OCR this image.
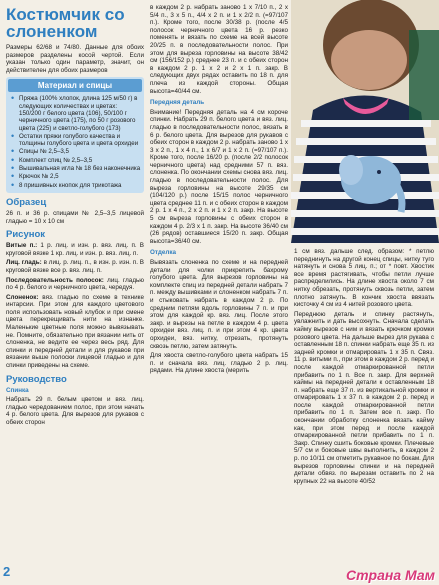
Костюмчик со слоненком
Размеры 62/68 и 74/80. Данные для обоих размеров разделены косой чертой. Если указан только один параметр, значит, он действителен для обоих размеров
Материал и спицы
• Пряжа (100% хлопок, длина 125 м/50 г) в следующих количествах и цветах: 150/200 г белого цвета (106), 50/100 г черничного цвета (175), по 50 г розового цвета (225) и светло-голубого (173)
• Остатки пряжи голубого качества и толщины голубого цвета и цвета орхидеи
• Спицы № 2,5–3,5
• Комплект спиц № 2,5–3,5
• Вышивальная игла № 18 без наконечника
• Крючок № 2,5
• 8 пришивных кнопок для трикотажа
Образец
26 п. и 36 р. спицами № 2,5–3,5 лицевой гладью = 10 x 10 см
Рисунок
Витые п.: 1 р. лиц. и изн. р. вяз. лиц. п. В круговой вязке 1 кр. лиц. и изн. р. вяз. лиц. п.
Лиц. гладь: в лиц. р. лиц. п., в изн. р. изн. п. В круговой вязке все р. вяз. лиц. п.
Последовательность полосок: лиц. гладью по 4 р. белого и черничного цвета, чередуя.
Слоненок: вяз. гладью по схеме в технике интарсии. При этом для каждого цветового поля использовать новый клубок и при смене цвета перекрещивать нити на изнанке. Маленькие цветные поля можно вывязывать не. Помните, обязательно при вязании нить от слоненка, не ведите ее через весь ряд. Для спинки и передней детали и для рукавов при вязании выше полоски лицевой гладью и для спинки приведены на схеме.
Руководство
Спинка
Набрать 29 п. белым цветом и вяз. лиц. гладью чередованием полос, при этом начать 4 р. белого цвета. Для вырезов для рукавов с обеих сторон
в каждом 2 р. набрать заново 1 x 7/10 п., 2 x 5/4 п., 3 x 5 п., 4/4 x 2 п. и 1 x 2/2 п. (=97/107 п.). Кроме того, после 30/38 р. (после 4/5 полосок черничного цвета 16 р. резко поменять и вязать по схеме на всей высоте 20/25 п. в последовательности полос. При этом для выреза горловины на высоте 38/42 см (156/152 р.) среднее 23 п. и с обеих сторон в каждом 2 р. 1 x 2 и 2 x 1 п. закр. В следующих двух рядах оставить по 18 п. для плеча из каждой стороны. Общая высота=40/44 см.
Передняя деталь
Внимание! Передняя деталь на 4 см короче спинки. Набрать 29 п. белого цвета и вяз. лиц. гладью в последовательности полос, вязать в 6 р. белого цвета. Для вырезов для рукавов с обеих сторон в каждом 2 р. набрать заново 1 x 3 x 2 п., 1 x 4 п., 1 x 6/7 и 1 x 2 п. (=97/107 п.). Кроме того, после 16/20 р. (после 2/2 полосок черничного цвета) над средними 57 п. вяз. слоненка. По окончании схемы снова вяз. лиц. гладью в последовательности полос. Для выреза горловины на высоте 29/35 см (104/120 р.) после 15/15 полос черничного цвета среднее 11 п. и с обеих сторон в каждом 2 р. 1 x 4 п., 2 x 2 п. и 1 x 2 п. закр. На высоте 5 см выреза горловины с обеих сторон в каждом 4 р. 2/3 x 1 п. закр. На высоте 36/40 см (26 рядов) оставшиеся 15/20 п. закр. Общая высота=36/40 см.
Отделка
Вывязать слоненка по схеме и на передней детали для чолки прикрепить бахрому голубого цвета. Для вырезов горловины на комплекте спиц из передней детали набрать 7 п. между вышивками и слоненком набрать 7 п. и стыковать набрать в каждом 2 р. По средним петлям вдоль горловины 7 п. и при этом для каждой кр. вяз. лиц. После этого закр. и вырезы на петле в каждом 4 р. цвета орхидеи вяз. лиц. п. и при этом 4 кр. цвета орхидеи, вяз. нитку, отрезать, протянуть сквозь петлю, затем затянуть.
Для хвоста светло-голубого цвета набрать 15 п. и сначала вяз. лиц. гладью 2 р. лиц. рядами. На длине хвоста (мерить
1 см вяз. дальше след. образом: * петлю переднинуть на другой конец спицы, нитку туго натянуть и снова 5 лиц. п.; от * повт. Хвостик все время растягивать, чтобы петли лучше распределились. На длине хвоста около 7 см нитку обрезать, протянуть сквозь петли, затем плотно затянуть. В кончик хвоста ввязать кисточку 4 см из 4 нитей розового цвета.
Переднюю деталь и спинку растянуть, увлажнить и дать высохнуть. Сначала сделать кайму вырезов с ним и вязать крючком кромки розового цвета. На дальше вырез для рукава с оставленным 18 п. спинки набрать еще 35 п. из задней кромки и отмарировать 1 x 35 п. Связ. 11 р. витыми п., при этом в каждом 2 р. перед и после каждой отмаркированной петли прибавить по 1 п. Все п. закр. Для верхней каймы на передней детали к оставленным 18 п. набрать еще 37 п. из вертикальной кромки и отмарировать 1 x 37 п. в каждом 2 р. перед и после каждой отмаркированной петли прибавить по 1 п. Затем все п. закр. По окончании обработку слоненка вязать кайму как, при этом перед и после каждой отмаркированной петли прибавить по 1 п. Закр. Спинку сшить боковые кромки. Плечевые 5/7 см и боковые швы выполнить, в каждом 2 р. по 10/11 см отметить рукавное по бокам. Для вырезов горловины спинки и на передней детали обвяз. по вырезам оставить по 2 на крупных 22 на высоте 40/52
2	Страна Мам
